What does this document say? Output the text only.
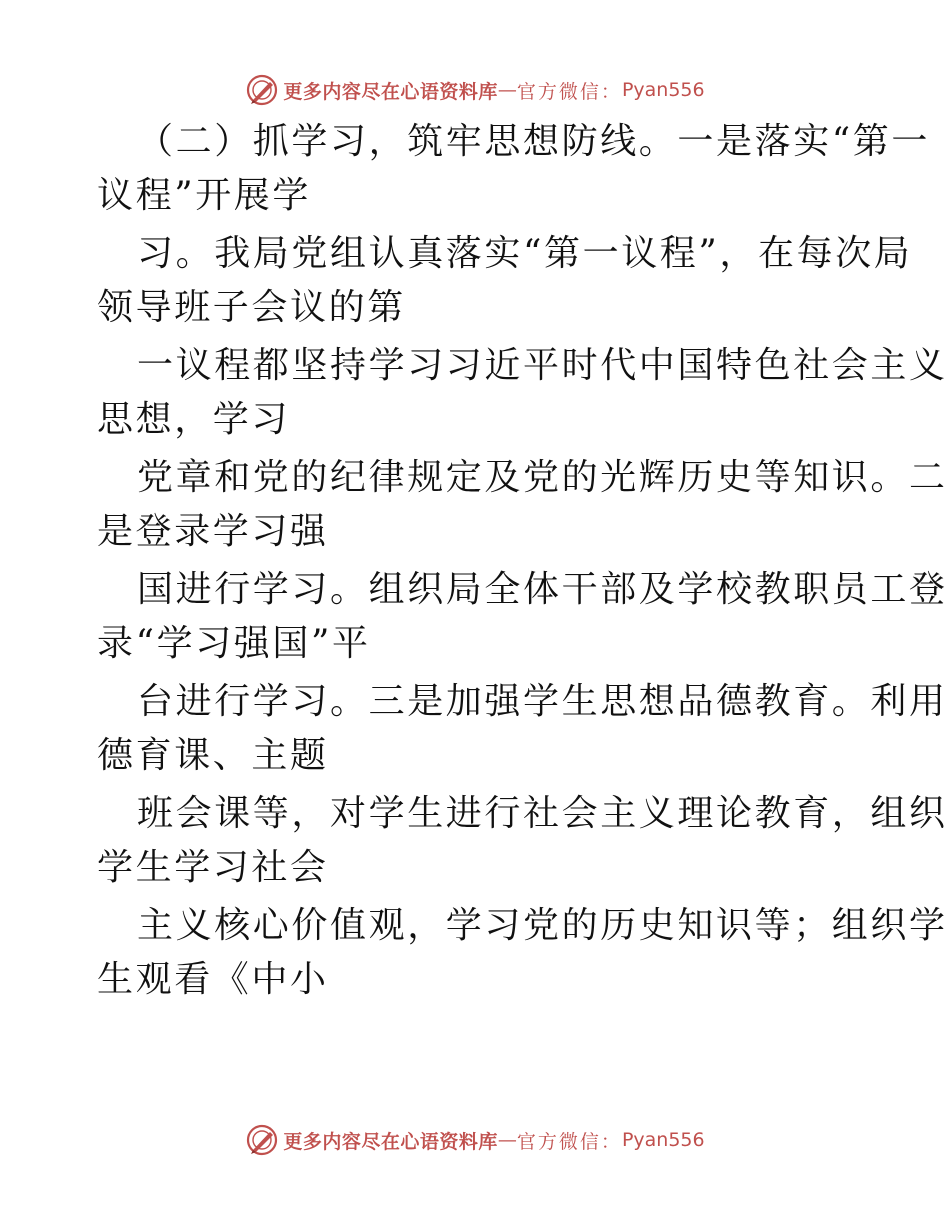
更多内容尽在心语资料库 — 官方微信： Pyan556

（二）抓学习，筑牢思想防线。一是落实“第一

议程”开展学

习。我局党组认真落实“第一议程”，在每次局

领导班子会议的第

一议程都坚持学习习近平时代中国特色社会主义

思想，学习

党章和党的纪律规定及党的光辉历史等知识。二

是登录学习强

国进行学习。组织局全体干部及学校教职员工登

录“学习强国”平

台进行学习。三是加强学生思想品德教育。利用

德育课、主题

班会课等，对学生进行社会主义理论教育，组织

学生学习社会

主义核心价值观，学习党的历史知识等；组织学

生观看《中小

更多内容尽在心语资料库 — 官方微信： Pyan556
